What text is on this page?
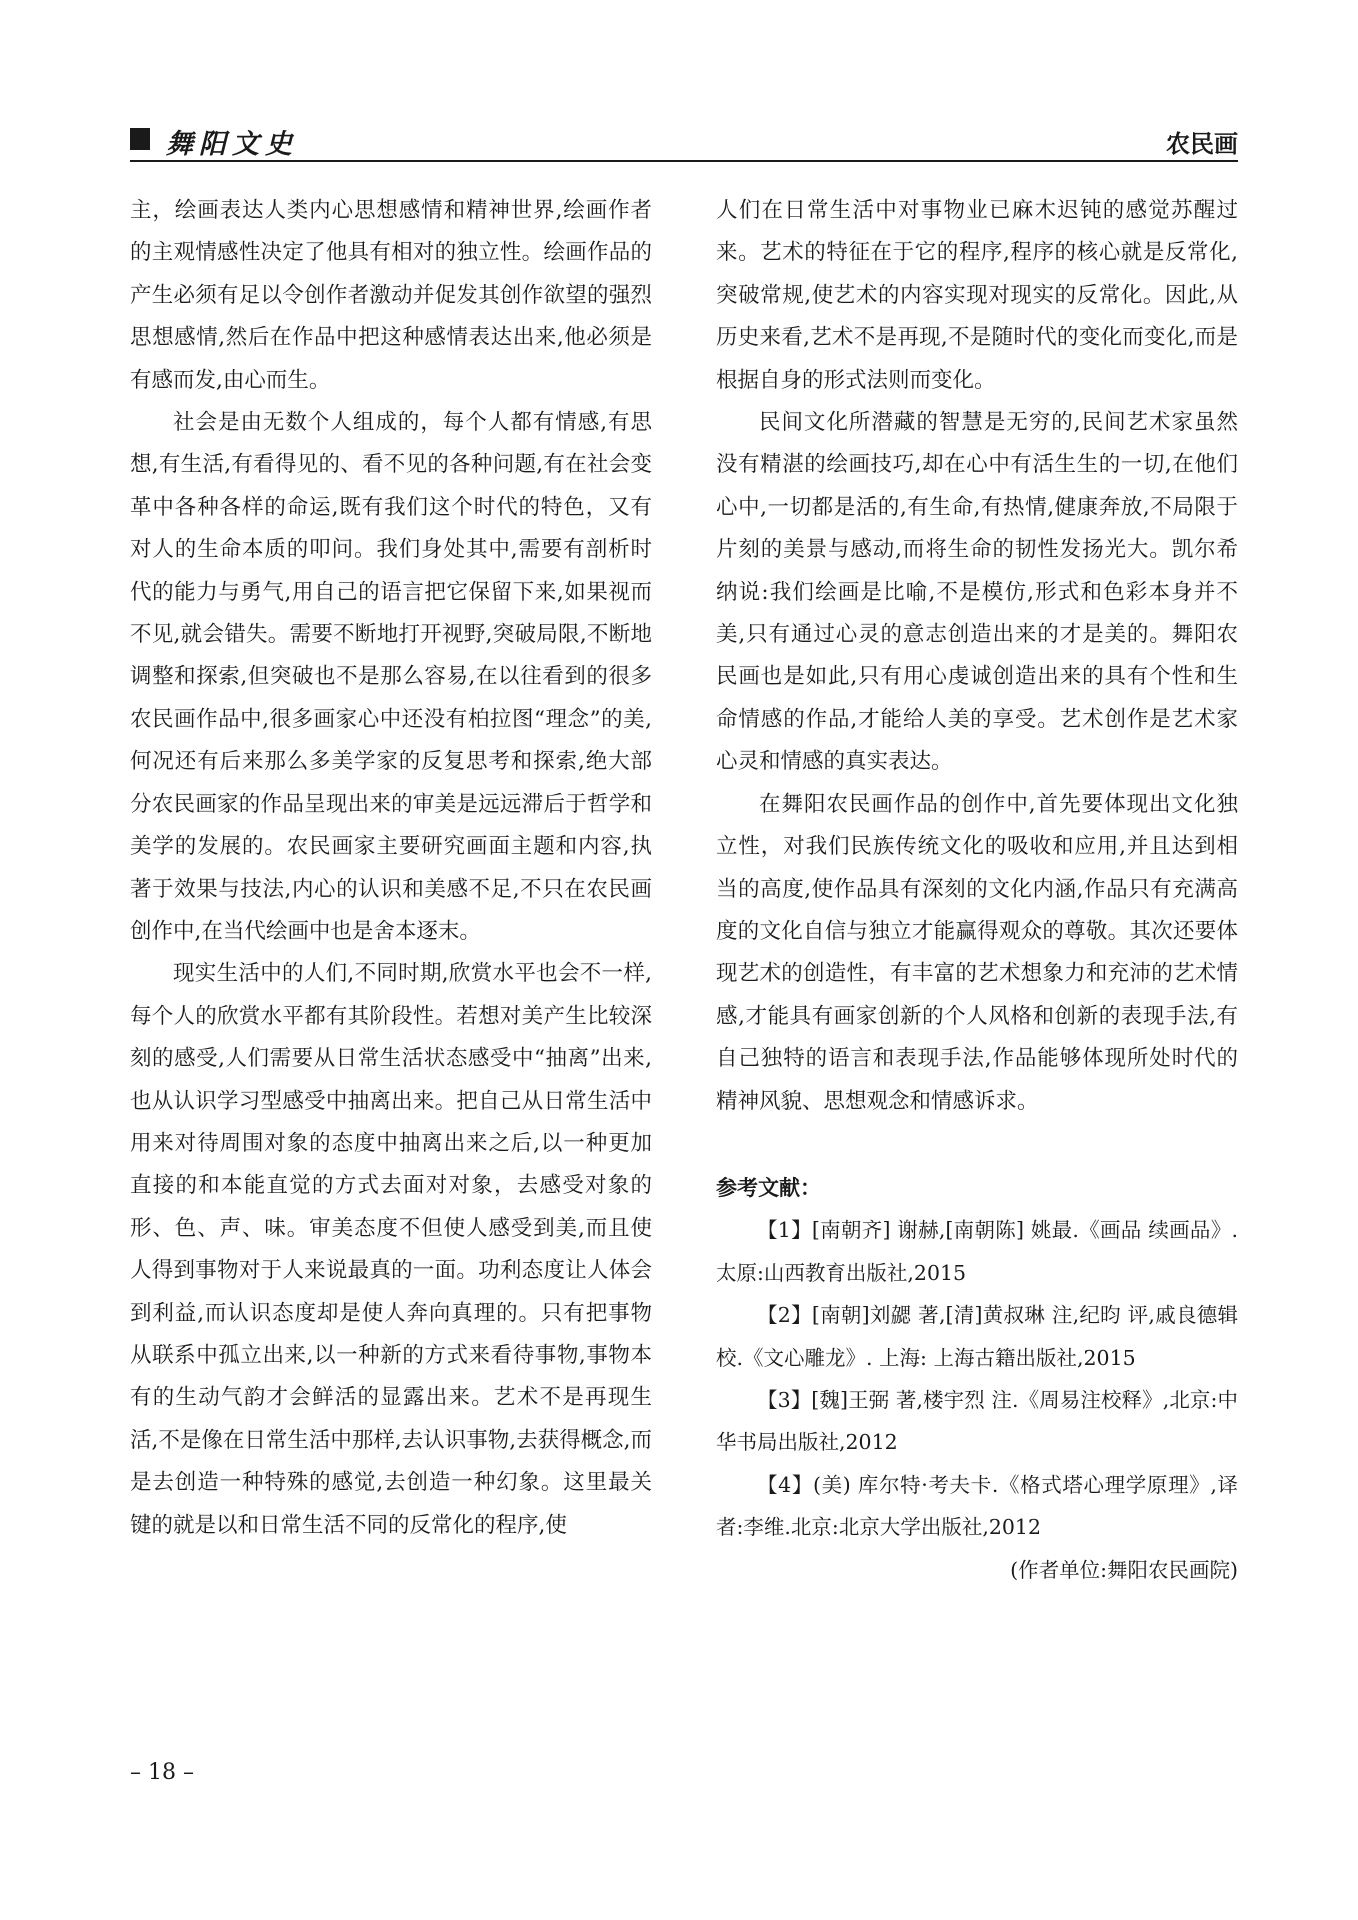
舞阳文史	农民画

主，绘画表达人类内心思想感情和精神世界,绘画作者的主观情感性决定了他具有相对的独立性。绘画作品的产生必须有足以令创作者激动并促发其创作欲望的强烈思想感情,然后在作品中把这种感情表达出来,他必须是有感而发,由心而生。

社会是由无数个人组成的，每个人都有情感,有思想,有生活,有看得见的、看不见的各种问题,有在社会变革中各种各样的命运,既有我们这个时代的特色，又有对人的生命本质的叩问。我们身处其中,需要有剖析时代的能力与勇气,用自己的语言把它保留下来,如果视而不见,就会错失。需要不断地打开视野,突破局限,不断地调整和探索,但突破也不是那么容易,在以往看到的很多农民画作品中,很多画家心中还没有柏拉图“理念”的美,何况还有后来那么多美学家的反复思考和探索,绝大部分农民画家的作品呈现出来的审美是远远滞后于哲学和美学的发展的。农民画家主要研究画面主题和内容,执著于效果与技法,内心的认识和美感不足,不只在农民画创作中,在当代绘画中也是舍本逐末。

现实生活中的人们,不同时期,欣赏水平也会不一样,每个人的欣赏水平都有其阶段性。若想对美产生比较深刻的感受,人们需要从日常生活状态感受中“抽离”出来,也从认识学习型感受中抽离出来。把自己从日常生活中用来对待周围对象的态度中抽离出来之后,以一种更加直接的和本能直觉的方式去面对对象，去感受对象的形、色、声、味。审美态度不但使人感受到美,而且使人得到事物对于人来说最真的一面。功利态度让人体会到利益,而认识态度却是使人奔向真理的。只有把事物从联系中孤立出来,以一种新的方式来看待事物,事物本有的生动气韵才会鲜活的显露出来。艺术不是再现生活,不是像在日常生活中那样,去认识事物,去获得概念,而是去创造一种特殊的感觉,去创造一种幻象。这里最关键的就是以和日常生活不同的反常化的程序,使

人们在日常生活中对事物业已麻木迟钝的感觉苏醒过来。艺术的特征在于它的程序,程序的核心就是反常化,突破常规,使艺术的内容实现对现实的反常化。因此,从历史来看,艺术不是再现,不是随时代的变化而变化,而是根据自身的形式法则而变化。

民间文化所潜藏的智慧是无穷的,民间艺术家虽然没有精湛的绘画技巧,却在心中有活生生的一切,在他们心中,一切都是活的,有生命,有热情,健康奔放,不局限于片刻的美景与感动,而将生命的韧性发扬光大。凯尔希纳说:我们绘画是比喻,不是模仿,形式和色彩本身并不美,只有通过心灵的意志创造出来的才是美的。舞阳农民画也是如此,只有用心虔诚创造出来的具有个性和生命情感的作品,才能给人美的享受。艺术创作是艺术家心灵和情感的真实表达。

在舞阳农民画作品的创作中,首先要体现出文化独立性，对我们民族传统文化的吸收和应用,并且达到相当的高度,使作品具有深刻的文化内涵,作品只有充满高度的文化自信与独立才能赢得观众的尊敬。其次还要体现艺术的创造性，有丰富的艺术想象力和充沛的艺术情感,才能具有画家创新的个人风格和创新的表现手法,有自己独特的语言和表现手法,作品能够体现所处时代的精神风貌、思想观念和情感诉求。

参考文献：

【1】[南朝齐] 谢赫,[南朝陈] 姚最.《画品 续画品》.太原:山西教育出版社,2015

【2】[南朝]刘勰 著,[清]黄叔琳 注,纪昀 评,戚良德辑 校.《文心雕龙》. 上海: 上海古籍出版社,2015

【3】[魏]王弼 著,楼宇烈 注.《周易注校释》,北京:中华书局出版社,2012

【4】(美) 库尔特·考夫卡.《格式塔心理学原理》,译者:李维.北京:北京大学出版社,2012

(作者单位:舞阳农民画院)
– 18 –
